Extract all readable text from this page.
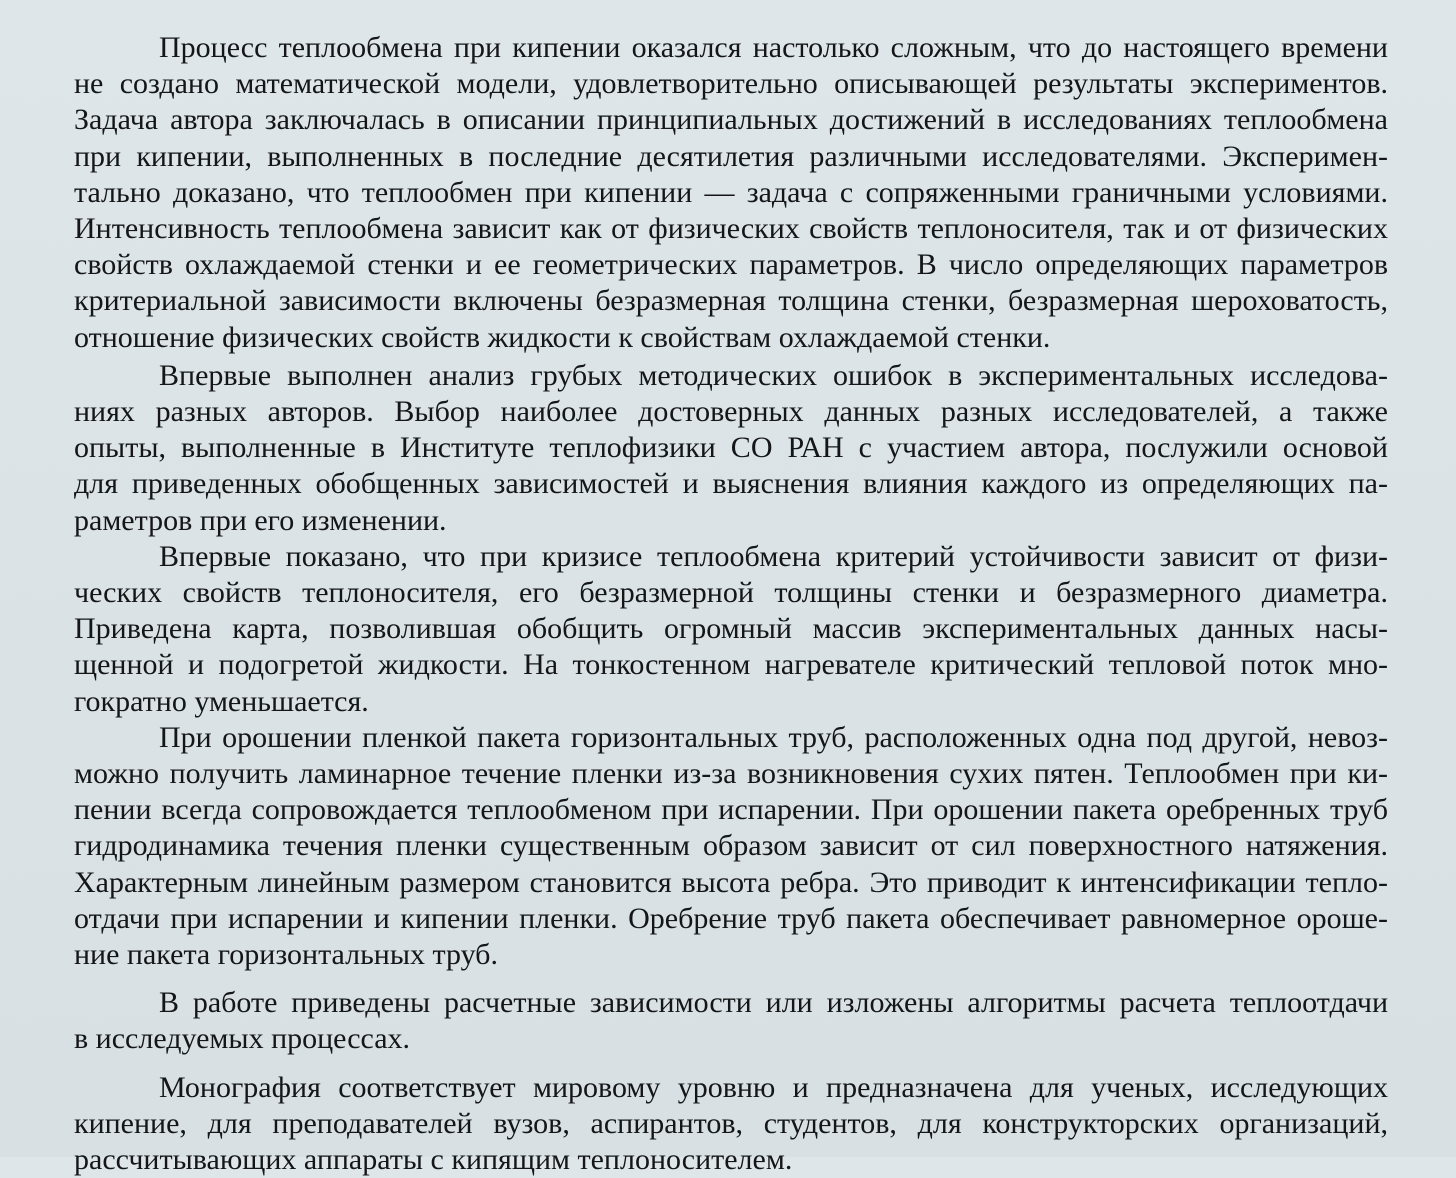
Процесс теплообмена при кипении оказался настолько сложным, что до настоящего времени
не создано математической модели, удовлетворительно описывающей результаты экспериментов.
Задача автора заключалась в описании принципиальных достижений в исследованиях теплообмена
при кипении, выполненных в последние десятилетия различными исследователями. Эксперимен-
тально доказано, что теплообмен при кипении — задача с сопряженными граничными условиями.
Интенсивность теплообмена зависит как от физических свойств теплоносителя, так и от физических
свойств охлаждаемой стенки и ее геометрических параметров. В число определяющих параметров
критериальной зависимости включены безразмерная толщина стенки, безразмерная шероховатость,
отношение физических свойств жидкости к свойствам охлаждаемой стенки.

Впервые выполнен анализ грубых методических ошибок в экспериментальных исследова-
ниях разных авторов. Выбор наиболее достоверных данных разных исследователей, а также
опыты, выполненные в Институте теплофизики СО РАН с участием автора, послужили основой
для приведенных обобщенных зависимостей и выяснения влияния каждого из определяющих па-
раметров при его изменении.

Впервые показано, что при кризисе теплообмена критерий устойчивости зависит от физи-
ческих свойств теплоносителя, его безразмерной толщины стенки и безразмерного диаметра.
Приведена карта, позволившая обобщить огромный массив экспериментальных данных насы-
щенной и подогретой жидкости. На тонкостенном нагревателе критический тепловой поток мно-
гократно уменьшается.

При орошении пленкой пакета горизонтальных труб, расположенных одна под другой, невоз-
можно получить ламинарное течение пленки из-за возникновения сухих пятен. Теплообмен при ки-
пении всегда сопровождается теплообменом при испарении. При орошении пакета оребренных труб
гидродинамика течения пленки существенным образом зависит от сил поверхностного натяжения.
Характерным линейным размером становится высота ребра. Это приводит к интенсификации тепло-
отдачи при испарении и кипении пленки. Оребрение труб пакета обеспечивает равномерное ороше-
ние пакета горизонтальных труб.

В работе приведены расчетные зависимости или изложены алгоритмы расчета теплоотдачи
в исследуемых процессах.

Монография соответствует мировому уровню и предназначена для ученых, исследующих
кипение, для преподавателей вузов, аспирантов, студентов, для конструкторских организаций,
рассчитывающих аппараты с кипящим теплоносителем.
